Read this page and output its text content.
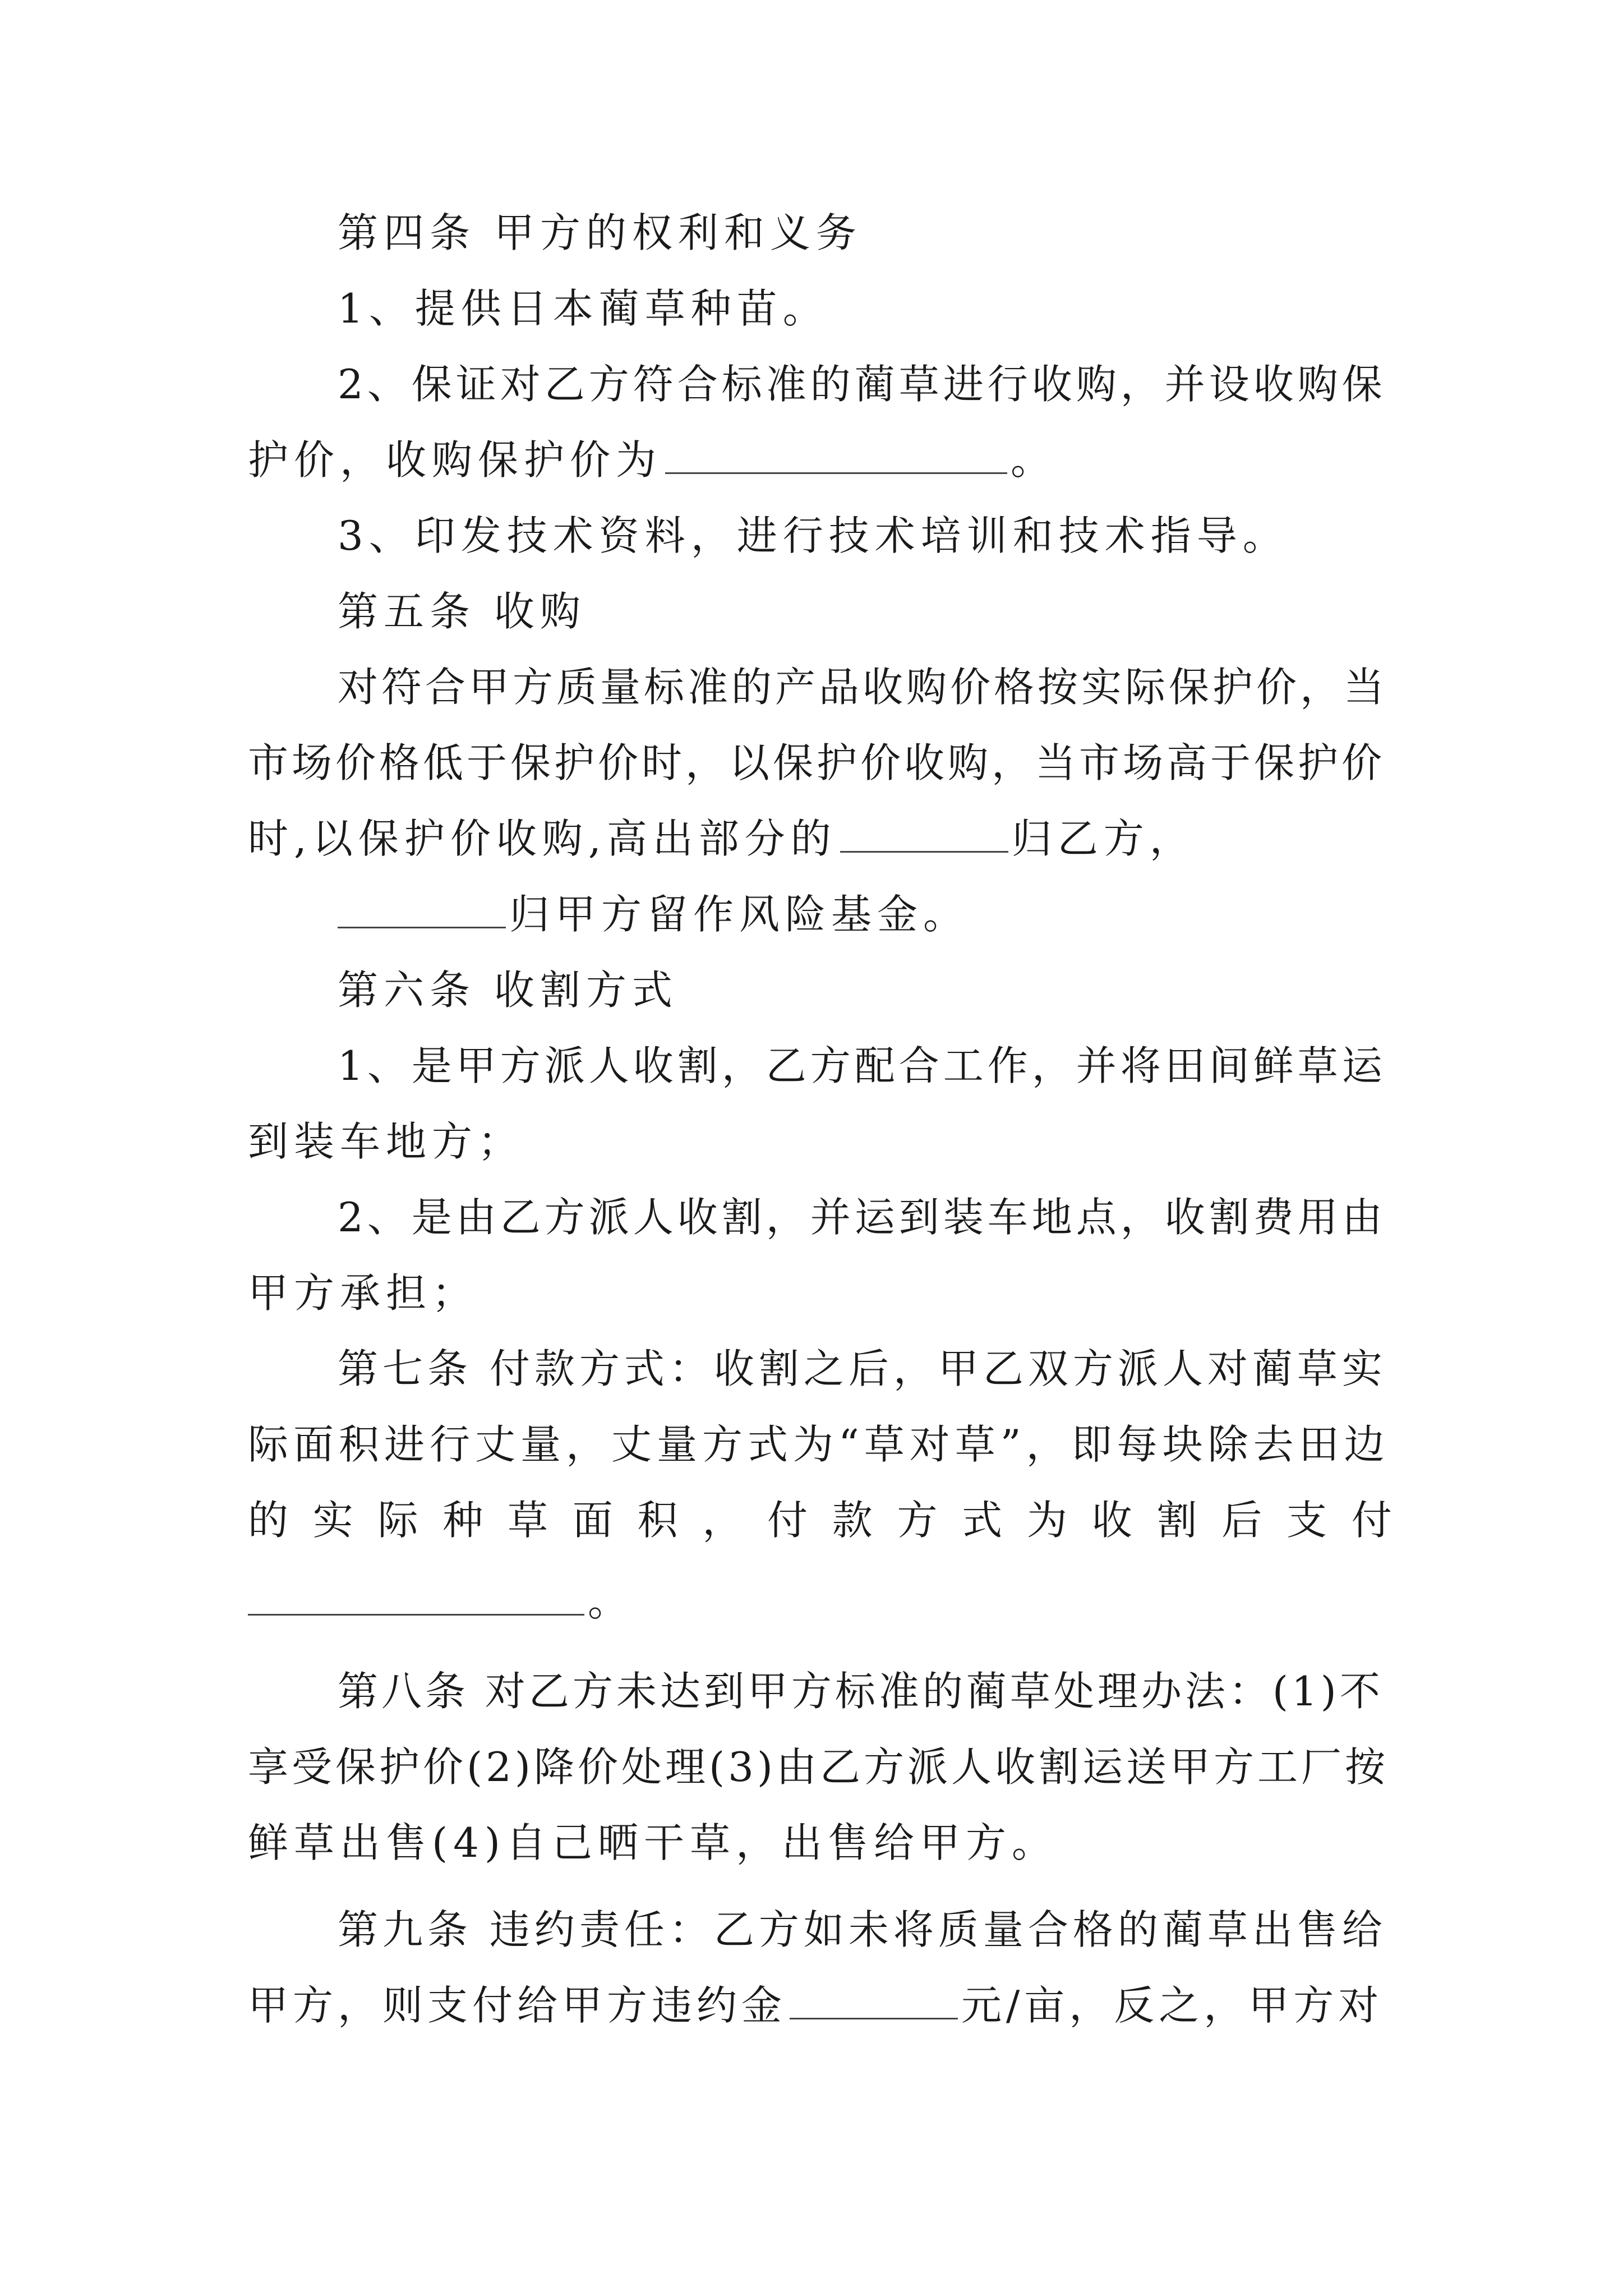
第四条 甲方的权利和义务
1、提供日本蔺草种苗。
2、保证对乙方符合标准的蔺草进行收购，并设收购保
护价，收购保护价为	。
3、印发技术资料，进行技术培训和技术指导。
第五条 收购
对符合甲方质量标准的产品收购价格按实际保护价，当
市场价格低于保护价时，以保护价收购，当市场高于保护价
时,以保护价收购,高出部分的	归乙方，
归甲方留作风险基金。
第六条 收割方式
1、是甲方派人收割，乙方配合工作，并将田间鲜草运
到装车地方；
2、是由乙方派人收割，并运到装车地点，收割费用由
甲方承担；
第七条 付款方式：收割之后，甲乙双方派人对蔺草实
际面积进行丈量，丈量方式为“草对草”，即每块除去田边
的 实 际 种 草 面 积 ， 付 款 方 式 为 收 割 后 支 付
。
第八条 对乙方未达到甲方标准的蔺草处理办法：(1)不
享受保护价(2)降价处理(3)由乙方派人收割运送甲方工厂按
鲜草出售(4)自己晒干草，出售给甲方。
第九条 违约责任：乙方如未将质量合格的蔺草出售给
甲方，则支付给甲方违约金	元/亩，反之，甲方对
